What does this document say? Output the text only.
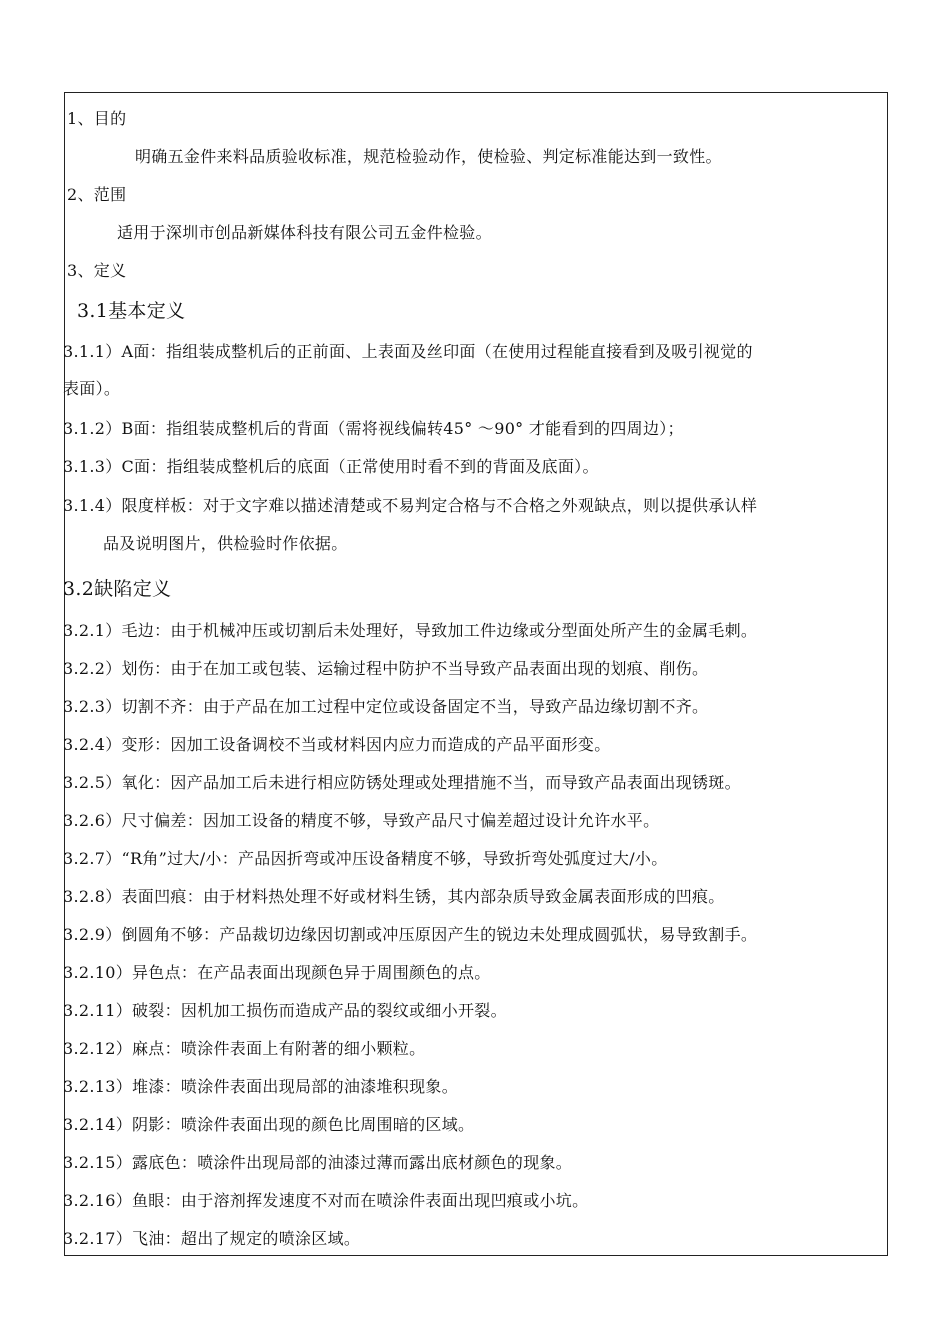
1、目的
明确五金件来料品质验收标准，规范检验动作，使检验、判定标准能达到一致性。
2、范围
适用于深圳市创品新媒体科技有限公司五金件检验。
3、定义
3.1基本定义
3.1.1）A面：指组装成整机后的正前面、上表面及丝印面（在使用过程能直接看到及吸引视觉的
表面）。
3.1.2）B面：指组装成整机后的背面（需将视线偏转45° ～90° 才能看到的四周边）；
3.1.3）C面：指组装成整机后的底面（正常使用时看不到的背面及底面）。
3.1.4）限度样板：对于文字难以描述清楚或不易判定合格与不合格之外观缺点，则以提供承认样
品及说明图片，供检验时作依据。
3.2缺陷定义
3.2.1）毛边：由于机械冲压或切割后未处理好，导致加工件边缘或分型面处所产生的金属毛刺。
3.2.2）划伤：由于在加工或包装、运输过程中防护不当导致产品表面出现的划痕、削伤。
3.2.3）切割不齐：由于产品在加工过程中定位或设备固定不当，导致产品边缘切割不齐。
3.2.4）变形：因加工设备调校不当或材料因内应力而造成的产品平面形变。
3.2.5）氧化：因产品加工后未进行相应防锈处理或处理措施不当，而导致产品表面出现锈斑。
3.2.6）尺寸偏差：因加工设备的精度不够，导致产品尺寸偏差超过设计允许水平。
3.2.7）“R角”过大/小：产品因折弯或冲压设备精度不够，导致折弯处弧度过大/小。
3.2.8）表面凹痕：由于材料热处理不好或材料生锈，其内部杂质导致金属表面形成的凹痕。
3.2.9）倒圆角不够：产品裁切边缘因切割或冲压原因产生的锐边未处理成圆弧状，易导致割手。
3.2.10）异色点：在产品表面出现颜色异于周围颜色的点。
3.2.11）破裂：因机加工损伤而造成产品的裂纹或细小开裂。
3.2.12）麻点：喷涂件表面上有附著的细小颗粒。
3.2.13）堆漆：喷涂件表面出现局部的油漆堆积现象。
3.2.14）阴影：喷涂件表面出现的颜色比周围暗的区域。
3.2.15）露底色：喷涂件出现局部的油漆过薄而露出底材颜色的现象。
3.2.16）鱼眼：由于溶剂挥发速度不对而在喷涂件表面出现凹痕或小坑。
3.2.17）飞油：超出了规定的喷涂区域。
